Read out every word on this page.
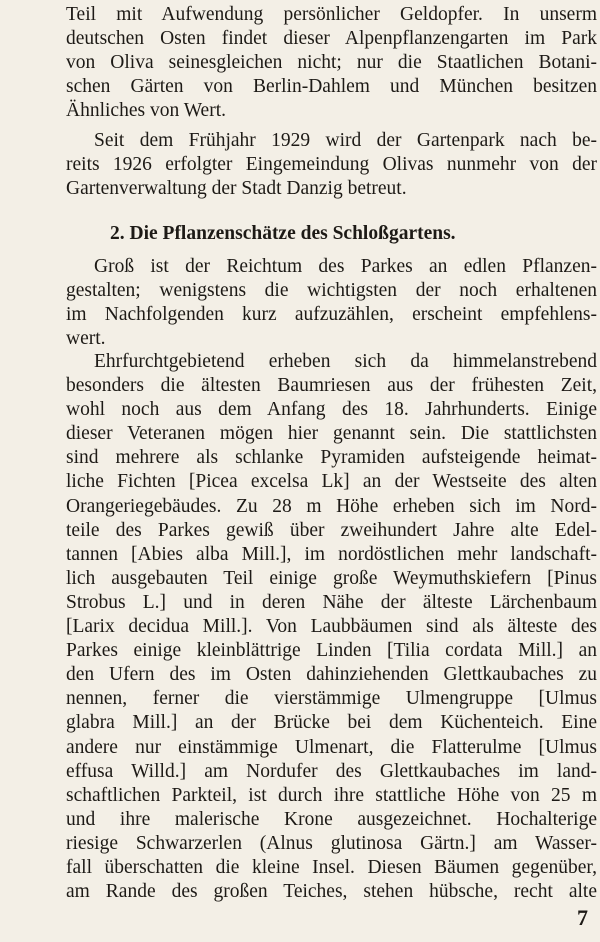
Teil mit Aufwendung persönlicher Geldopfer. In unserm
deutschen Osten findet dieser Alpenpflanzengarten im Park
von Oliva seinesgleichen nicht; nur die Staatlichen Botani-
schen Gärten von Berlin-Dahlem und München besitzen
Ähnliches von Wert.
Seit dem Frühjahr 1929 wird der Gartenpark nach be-
reits 1926 erfolgter Eingemeindung Olivas nunmehr von der
Gartenverwaltung der Stadt Danzig betreut.
2. Die Pflanzenschätze des Schloßgartens.
Groß ist der Reichtum des Parkes an edlen Pflanzen-
gestalten; wenigstens die wichtigsten der noch erhaltenen
im Nachfolgenden kurz aufzuzählen, erscheint empfehlens-
wert.
Ehrfurchtgebietend erheben sich da himmelanstrebend
besonders die ältesten Baumriesen aus der frühesten Zeit,
wohl noch aus dem Anfang des 18. Jahrhunderts. Einige
dieser Veteranen mögen hier genannt sein. Die stattlichsten
sind mehrere als schlanke Pyramiden aufsteigende heimat-
liche Fichten [Picea excelsa Lk] an der Westseite des alten
Orangeriegebäudes. Zu 28 m Höhe erheben sich im Nord-
teile des Parkes gewiß über zweihundert Jahre alte Edel-
tannen [Abies alba Mill.], im nordöstlichen mehr landschaft-
lich ausgebauten Teil einige große Weymuthskiefern [Pinus
Strobus L.] und in deren Nähe der älteste Lärchenbaum
[Larix decidua Mill.]. Von Laubbäumen sind als älteste des
Parkes einige kleinblättrige Linden [Tilia cordata Mill.] an
den Ufern des im Osten dahinziehenden Glettkaubaches zu
nennen, ferner die vierstämmige Ulmengruppe [Ulmus
glabra Mill.] an der Brücke bei dem Küchenteich. Eine
andere nur einstämmige Ulmenart, die Flatterulme [Ulmus
effusa Willd.] am Nordufer des Glettkaubaches im land-
schaftlichen Parkteil, ist durch ihre stattliche Höhe von 25 m
und ihre malerische Krone ausgezeichnet. Hochalterige
riesige Schwarzerlen (Alnus glutinosa Gärtn.] am Wasser-
fall überschatten die kleine Insel. Diesen Bäumen gegenüber,
am Rande des großen Teiches, stehen hübsche, recht alte
7
